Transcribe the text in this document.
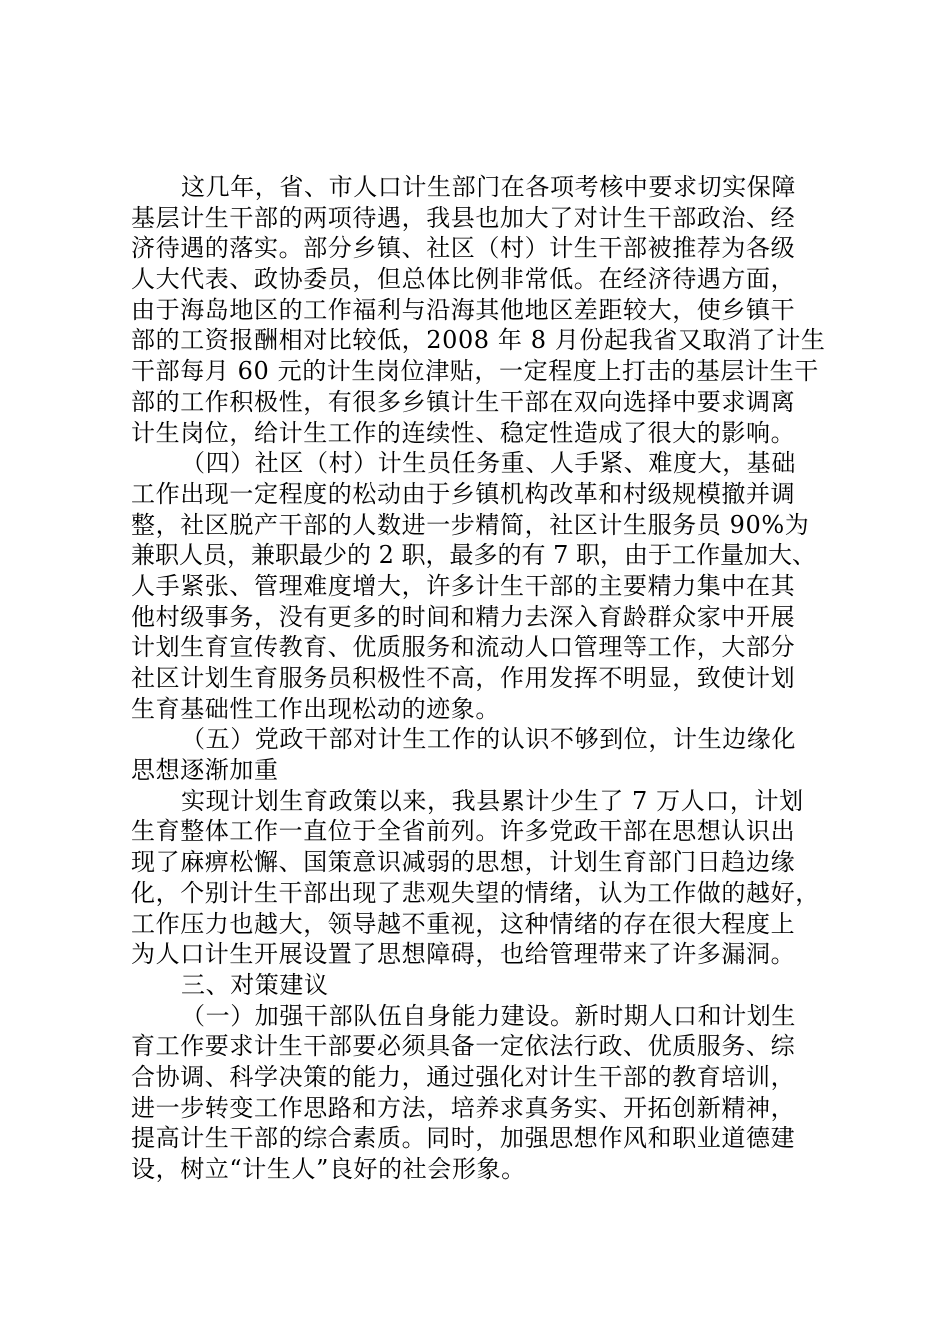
这几年，省、市人口计生部门在各项考核中要求切实保障
基层计生干部的两项待遇，我县也加大了对计生干部政治、经
济待遇的落实。部分乡镇、社区（村）计生干部被推荐为各级
人大代表、政协委员，但总体比例非常低。在经济待遇方面，
由于海岛地区的工作福利与沿海其他地区差距较大，使乡镇干
部的工资报酬相对比较低，2008 年 8 月份起我省又取消了计生
干部每月 60 元的计生岗位津贴，一定程度上打击的基层计生干
部的工作积极性，有很多乡镇计生干部在双向选择中要求调离
计生岗位，给计生工作的连续性、稳定性造成了很大的影响。
（四）社区（村）计生员任务重、人手紧、难度大，基础
工作出现一定程度的松动由于乡镇机构改革和村级规模撤并调
整，社区脱产干部的人数进一步精简，社区计生服务员 90%为
兼职人员，兼职最少的 2 职，最多的有 7 职，由于工作量加大、
人手紧张、管理难度增大，许多计生干部的主要精力集中在其
他村级事务，没有更多的时间和精力去深入育龄群众家中开展
计划生育宣传教育、优质服务和流动人口管理等工作，大部分
社区计划生育服务员积极性不高，作用发挥不明显，致使计划
生育基础性工作出现松动的迹象。
（五）党政干部对计生工作的认识不够到位，计生边缘化
思想逐渐加重
实现计划生育政策以来，我县累计少生了 7 万人口，计划
生育整体工作一直位于全省前列。许多党政干部在思想认识出
现了麻痹松懈、国策意识减弱的思想，计划生育部门日趋边缘
化，个别计生干部出现了悲观失望的情绪，认为工作做的越好，
工作压力也越大，领导越不重视，这种情绪的存在很大程度上
为人口计生开展设置了思想障碍，也给管理带来了许多漏洞。
三、对策建议
（一）加强干部队伍自身能力建设。新时期人口和计划生
育工作要求计生干部要必须具备一定依法行政、优质服务、综
合协调、科学决策的能力，通过强化对计生干部的教育培训，
进一步转变工作思路和方法，培养求真务实、开拓创新精神，
提高计生干部的综合素质。同时，加强思想作风和职业道德建
设，树立“计生人”良好的社会形象。
